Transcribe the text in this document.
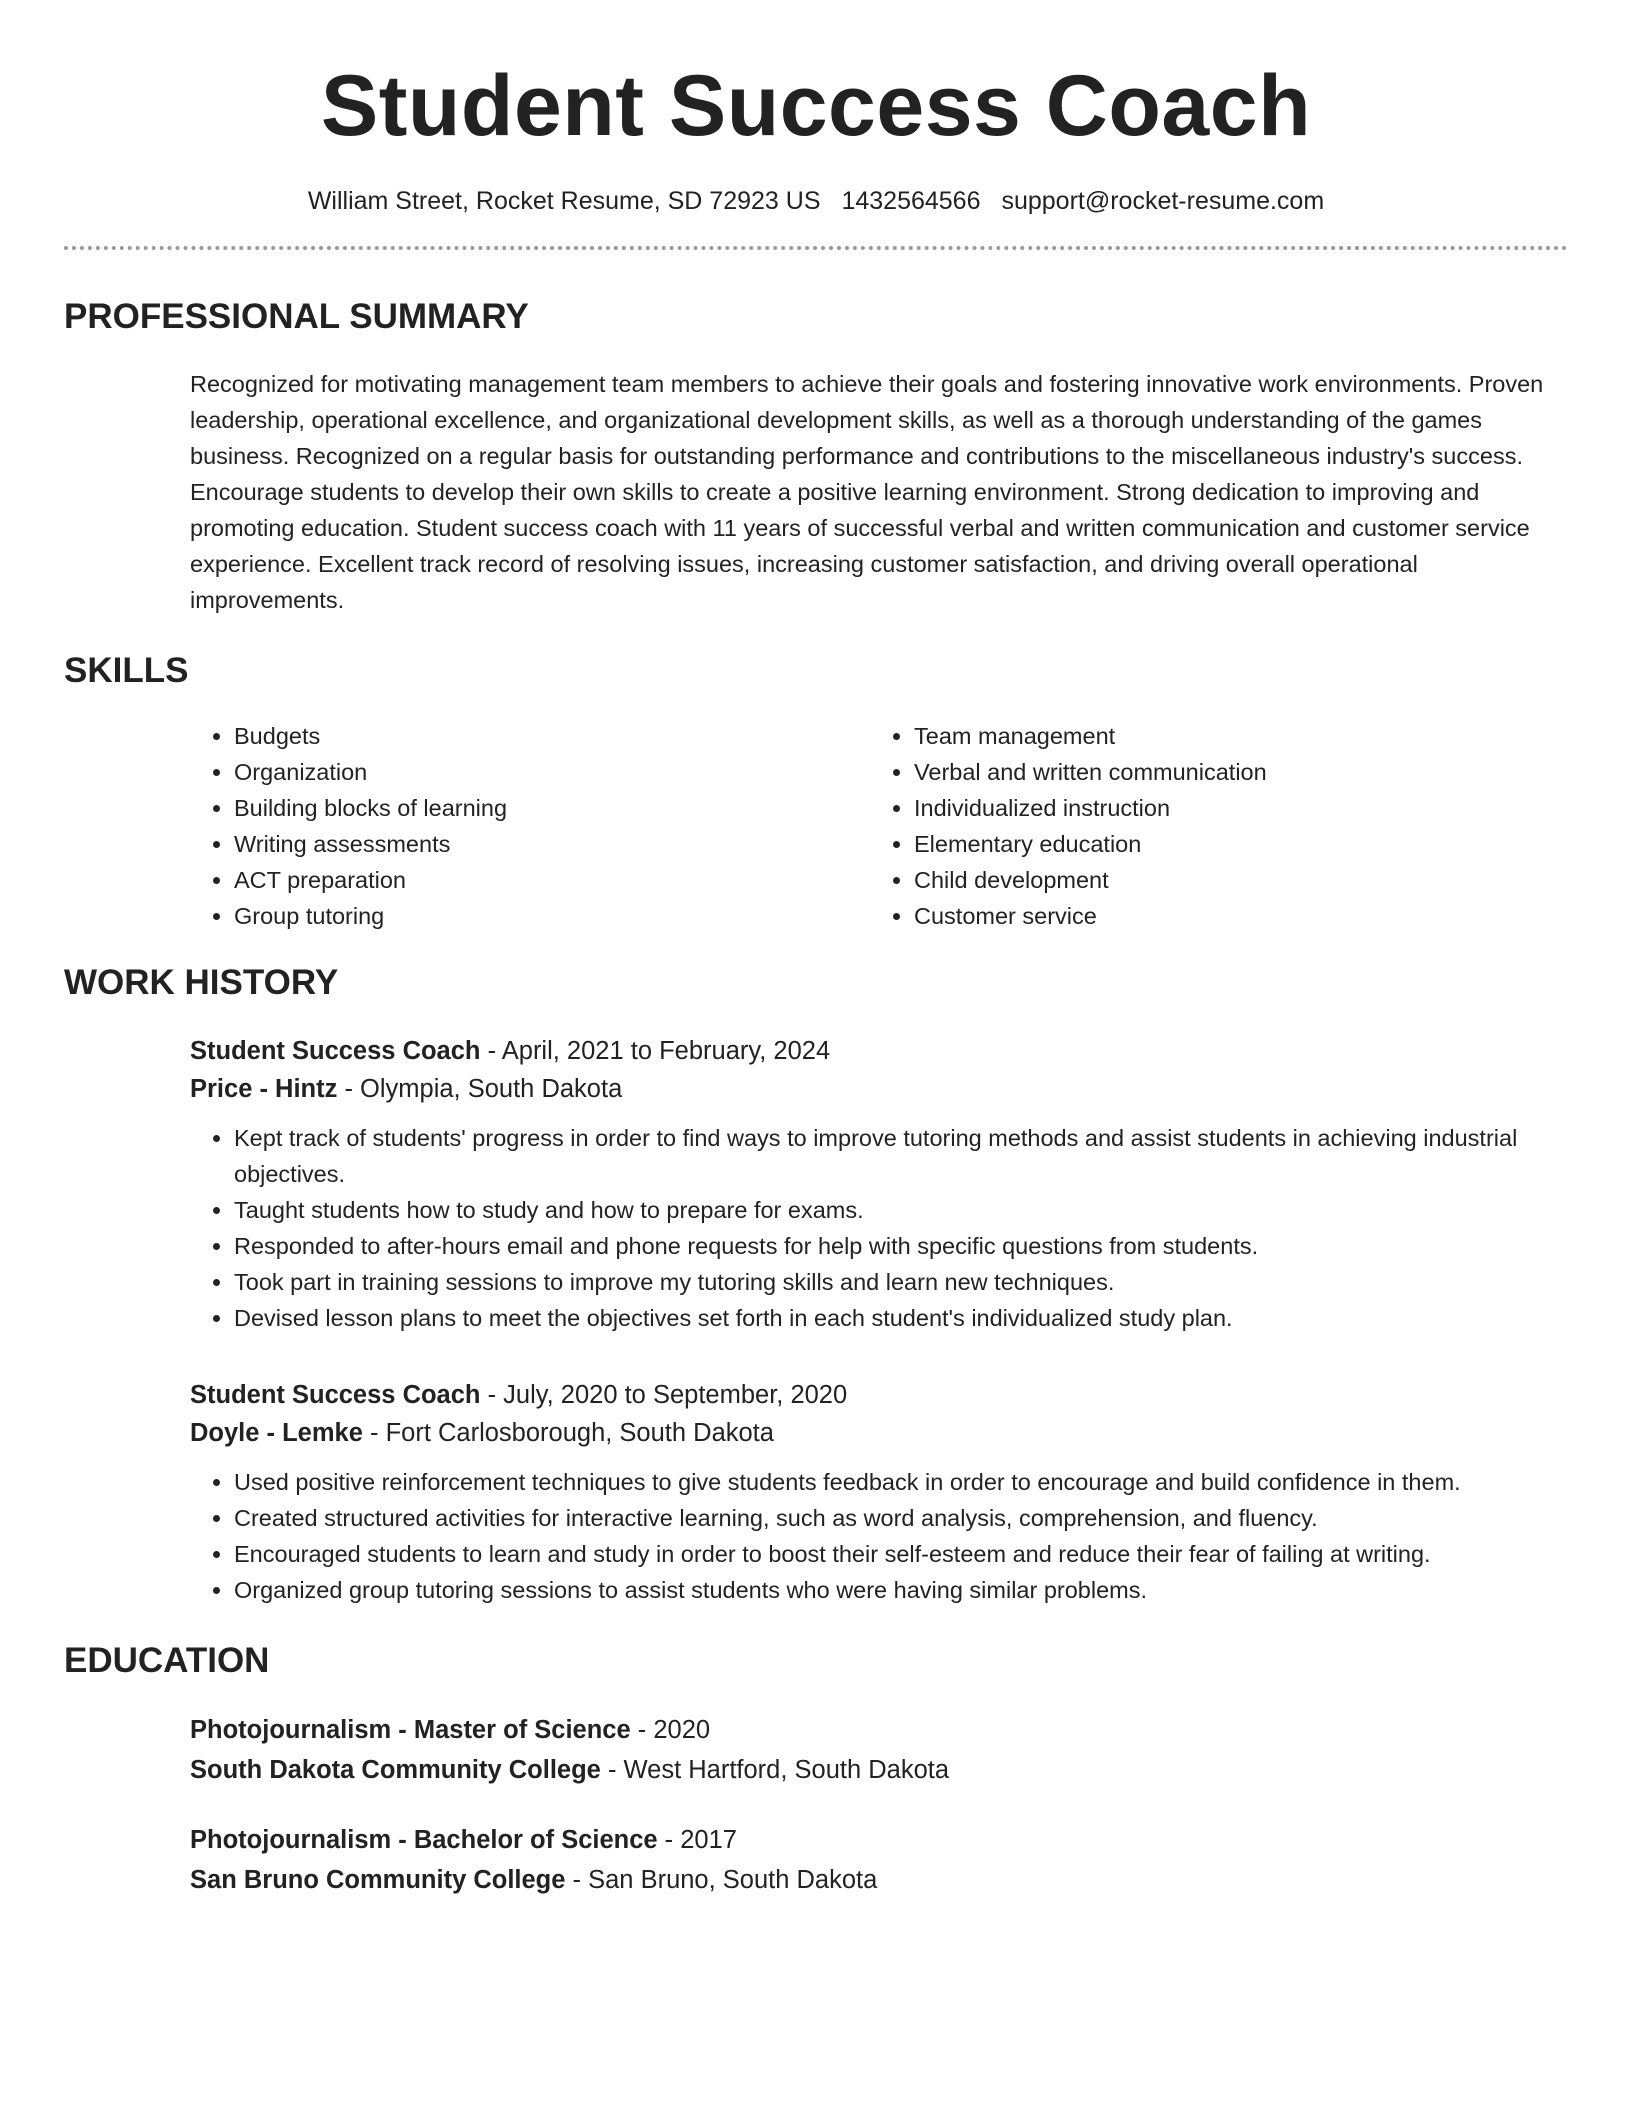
Student Success Coach
William Street, Rocket Resume, SD 72923 US 1432564566 support@rocket-resume.com
PROFESSIONAL SUMMARY

Recognized for motivating management team members to achieve their goals and fostering innovative work environments. Proven leadership, operational excellence, and organizational development skills, as well as a thorough understanding of the games business. Recognized on a regular basis for outstanding performance and contributions to the miscellaneous industry's success. Encourage students to develop their own skills to create a positive learning environment. Strong dedication to improving and promoting education. Student success coach with 11 years of successful verbal and written communication and customer service experience. Excellent track record of resolving issues, increasing customer satisfaction, and driving overall operational improvements.

SKILLS
• Budgets
• Organization
• Building blocks of learning
• Writing assessments
• ACT preparation
• Group tutoring
• Team management
• Verbal and written communication
• Individualized instruction
• Elementary education
• Child development
• Customer service
WORK HISTORY
Student Success Coach - April, 2021 to February, 2024
Price - Hintz - Olympia, South Dakota
• Kept track of students' progress in order to find ways to improve tutoring methods and assist students in achieving industrial objectives.
• Taught students how to study and how to prepare for exams.
• Responded to after-hours email and phone requests for help with specific questions from students.
• Took part in training sessions to improve my tutoring skills and learn new techniques.
• Devised lesson plans to meet the objectives set forth in each student's individualized study plan.
Student Success Coach - July, 2020 to September, 2020
Doyle - Lemke - Fort Carlosborough, South Dakota
• Used positive reinforcement techniques to give students feedback in order to encourage and build confidence in them.
• Created structured activities for interactive learning, such as word analysis, comprehension, and fluency.
• Encouraged students to learn and study in order to boost their self-esteem and reduce their fear of failing at writing.
• Organized group tutoring sessions to assist students who were having similar problems.
EDUCATION
Photojournalism - Master of Science - 2020
South Dakota Community College - West Hartford, South Dakota
Photojournalism - Bachelor of Science - 2017
San Bruno Community College - San Bruno, South Dakota
